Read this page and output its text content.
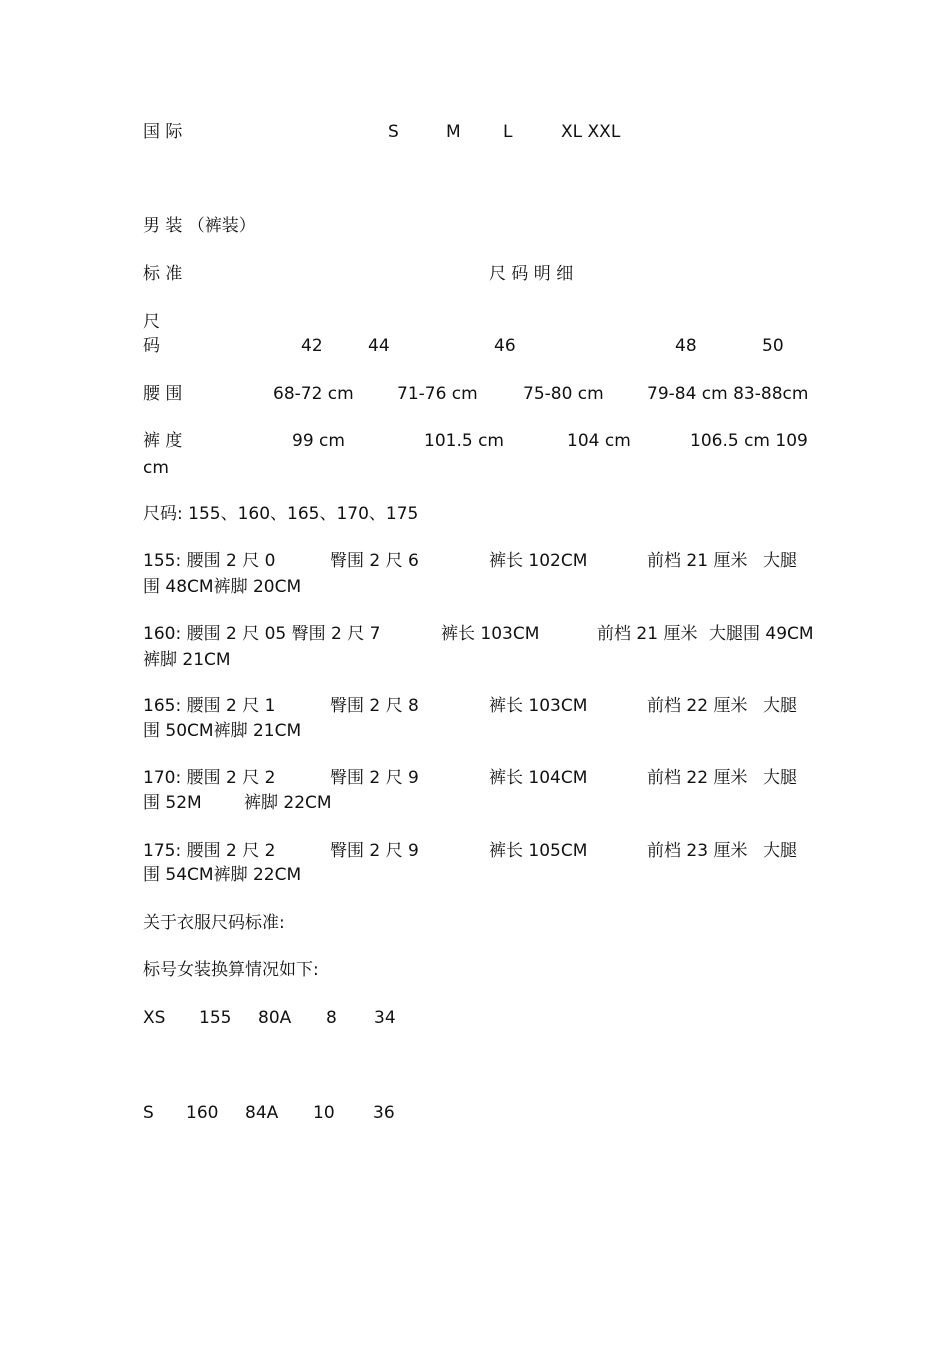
国 际	S	M L	XL XXL
男 装 （裤装）
标 准	尺 码 明 细
尺
码	42	44	46	48	50
腰 围	68-72 cm	71-76 cm	75-80 cm	79-84 cm 83-88cm
裤 度	99 cm	101.5 cm	104 cm	106.5 cm 109
cm
尺码: 155、160、165、170、175
155: 腰围 2 尺 0	臀围 2 尺 6	裤长 102CM	前档 21 厘米 大腿
围 48CM裤脚 20CM
160: 腰围 2 尺 05 臀围 2 尺 7	裤长 103CM	前档 21 厘米 大腿围 49CM
裤脚 21CM
165: 腰围 2 尺 1	臀围 2 尺 8	裤长 103CM	前档 22 厘米 大腿
围 50CM裤脚 21CM
170: 腰围 2 尺 2	臀围 2 尺 9	裤长 104CM	前档 22 厘米 大腿
围 52M 裤脚 22CM
175: 腰围 2 尺 2	臀围 2 尺 9	裤长 105CM	前档 23 厘米 大腿
围 54CM裤脚 22CM
关于衣服尺码标准:
标号女装换算情况如下:
XS 155 80A 8 34
S 160 84A 10 36
